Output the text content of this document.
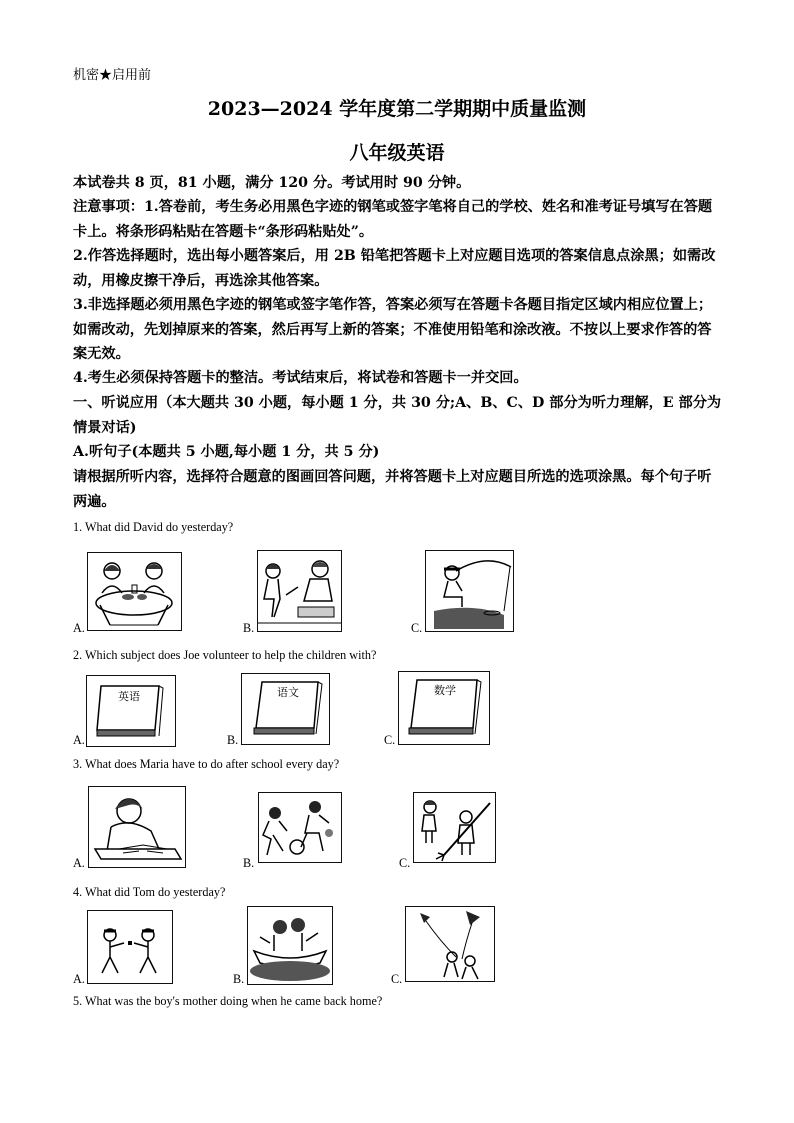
机密★启用前
2023—2024 学年度第二学期期中质量监测
八年级英语
本试卷共 8 页，81 小题，满分 120 分。考试用时 90 分钟。
注意事项：1.答卷前，考生务必用黑色字迹的钢笔或签字笔将自己的学校、姓名和准考证号填写在答题卡上。将条形码粘贴在答题卡“条形码粘贴处”。
2.作答选择题时，选出每小题答案后，用 2B 铅笔把答题卡上对应题目选项的答案信息点涂黑；如需改动，用橡皮擦干净后，再选涂其他答案。
3.非选择题必须用黑色字迹的钢笔或签字笔作答，答案必须写在答题卡各题目指定区域内相应位置上；如需改动，先划掉原来的答案，然后再写上新的答案；不准使用铅笔和涂改液。不按以上要求作答的答案无效。
4.考生必须保持答题卡的整洁。考试结束后，将试卷和答题卡一并交回。
一、听说应用（本大题共 30 小题，每小题 1 分，共 30 分;A、B、C、D 部分为听力理解，E 部分为情景对话)
A.听句子(本题共 5 小题,每小题 1 分，共 5 分)
请根据所听内容，选择符合题意的图画回答问题，并将答题卡上对应题目所选的选项涂黑。每个句子听两遍。
1. What did David do yesterday?
A.	B.	C.
2. Which subject does Joe volunteer to help the children with?
英语
A.
语文
B.
数学
C.
3. What does Maria have to do after school every day?
A.	B.	C.
4. What did Tom do yesterday?
A.	B.	C.
5. What was the boy's mother doing when he came back home?
